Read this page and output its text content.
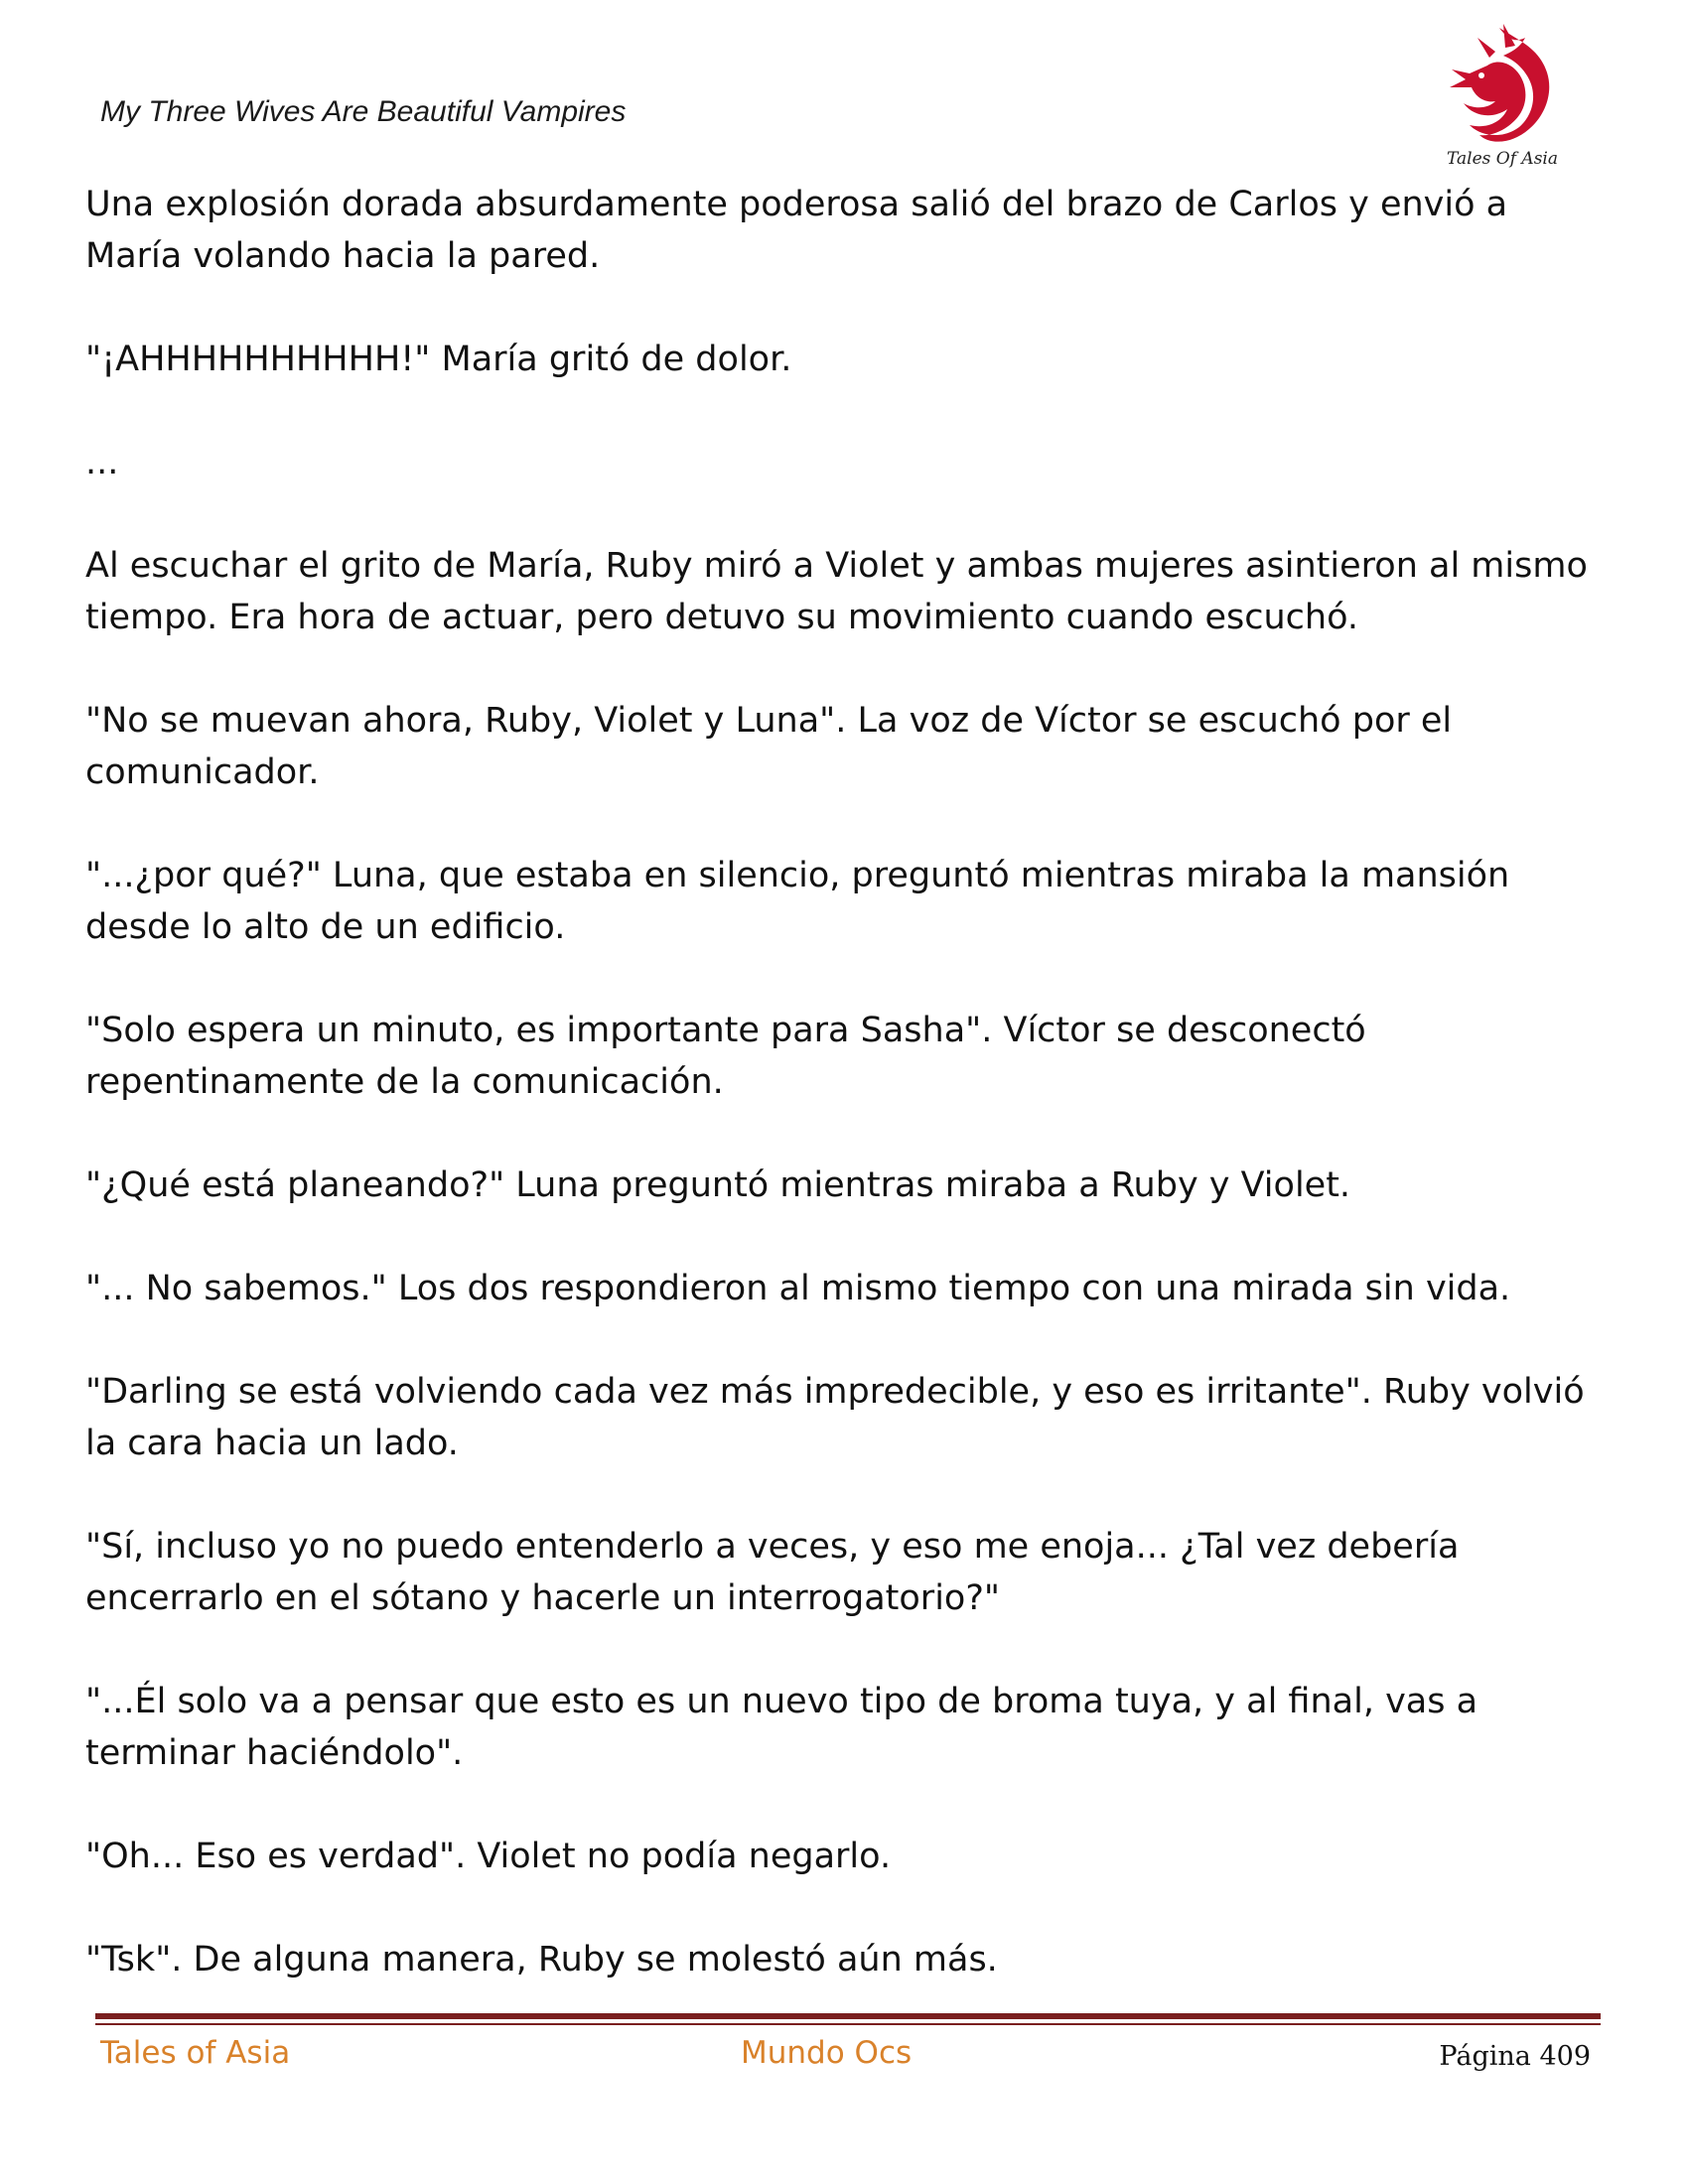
My Three Wives Are Beautiful Vampires
Tales Of Asia

Una explosión dorada absurdamente poderosa salió del brazo de Carlos y envió a María volando hacia la pared.

"¡AHHHHHHHHHH!" María gritó de dolor.

...

Al escuchar el grito de María, Ruby miró a Violet y ambas mujeres asintieron al mismo tiempo. Era hora de actuar, pero detuvo su movimiento cuando escuchó.

"No se muevan ahora, Ruby, Violet y Luna". La voz de Víctor se escuchó por el comunicador.

"...¿por qué?" Luna, que estaba en silencio, preguntó mientras miraba la mansión desde lo alto de un edificio.

"Solo espera un minuto, es importante para Sasha". Víctor se desconectó repentinamente de la comunicación.

"¿Qué está planeando?" Luna preguntó mientras miraba a Ruby y Violet.

"... No sabemos." Los dos respondieron al mismo tiempo con una mirada sin vida.

"Darling se está volviendo cada vez más impredecible, y eso es irritante". Ruby volvió la cara hacia un lado.

"Sí, incluso yo no puedo entenderlo a veces, y eso me enoja... ¿Tal vez debería encerrarlo en el sótano y hacerle un interrogatorio?"

"...Él solo va a pensar que esto es un nuevo tipo de broma tuya, y al final, vas a terminar haciéndolo".

"Oh... Eso es verdad". Violet no podía negarlo.

"Tsk". De alguna manera, Ruby se molestó aún más.

Tales of Asia	Mundo Ocs	Página 409
